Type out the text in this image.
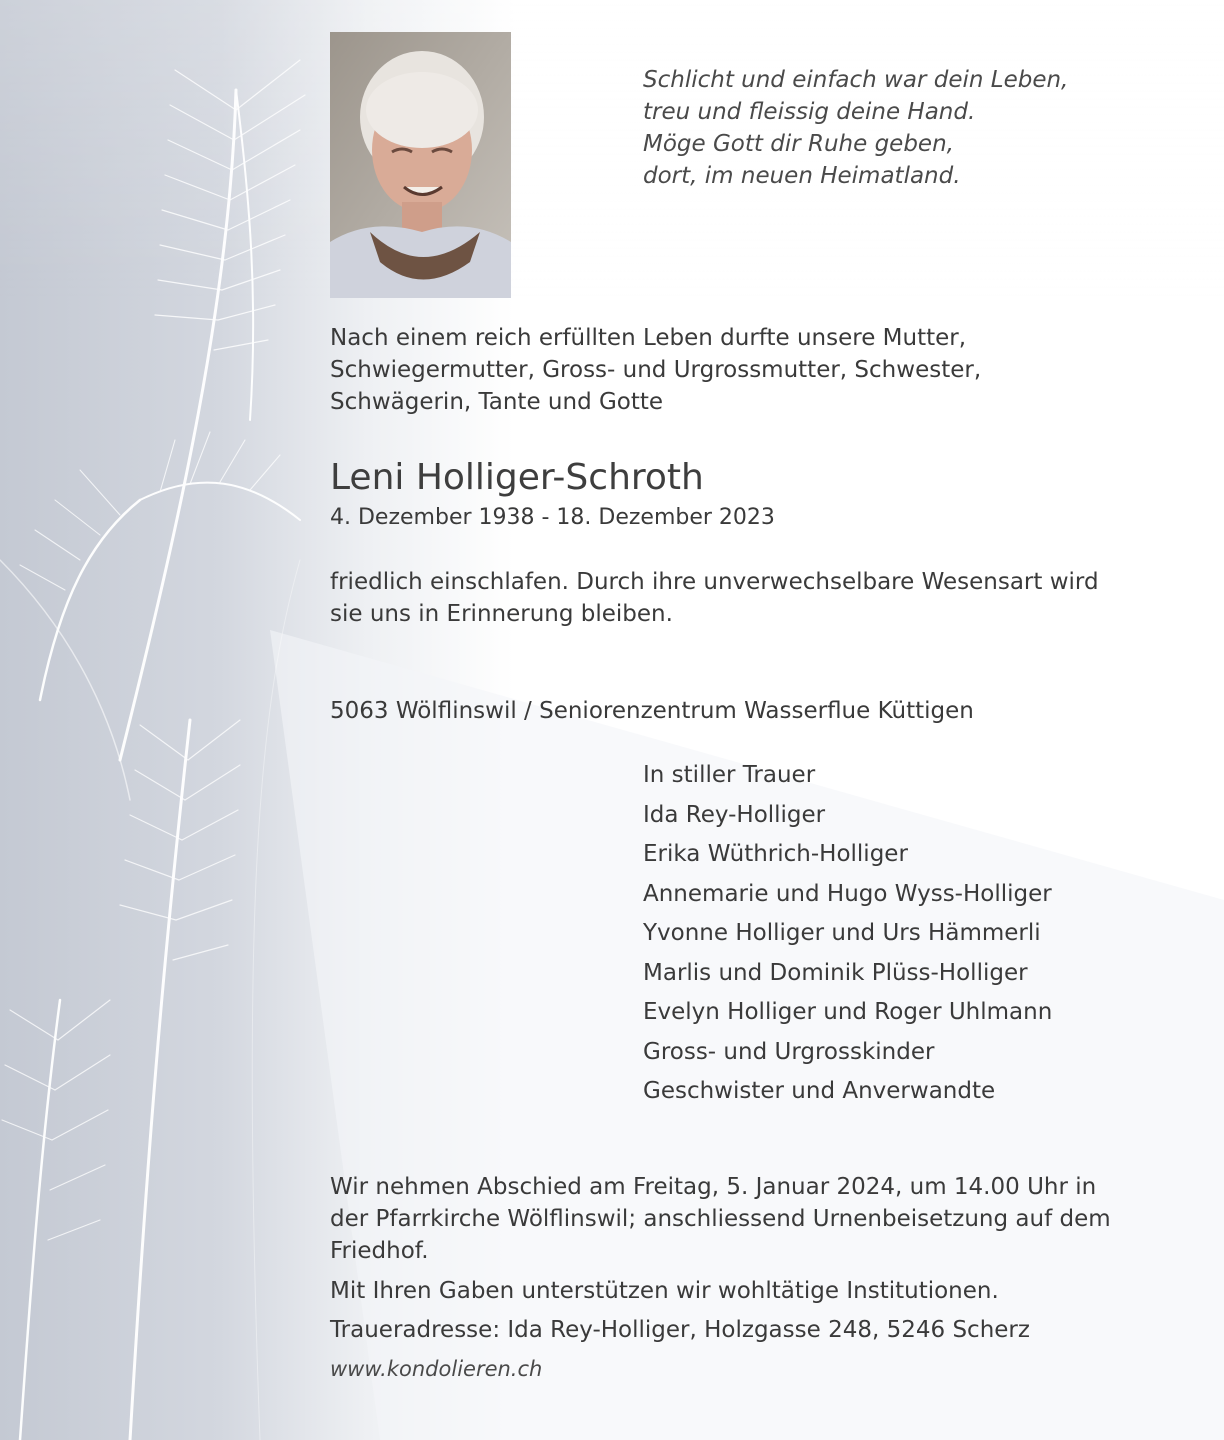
Schlicht und einfach war dein Leben,
treu und fleissig deine Hand.
Möge Gott dir Ruhe geben,
dort, im neuen Heimatland.
Nach einem reich erfüllten Leben durfte unsere Mutter,
Schwiegermutter, Gross- und Urgrossmutter, Schwester,
Schwägerin, Tante und Gotte
Leni Holliger-Schroth
4. Dezember 1938 - 18. Dezember 2023
friedlich einschlafen. Durch ihre unverwechselbare Wesensart wird
sie uns in Erinnerung bleiben.
5063 Wölflinswil / Seniorenzentrum Wasserflue Küttigen
In stiller Trauer
Ida Rey-Holliger
Erika Wüthrich-Holliger
Annemarie und Hugo Wyss-Holliger
Yvonne Holliger und Urs Hämmerli
Marlis und Dominik Plüss-Holliger
Evelyn Holliger und Roger Uhlmann
Gross- und Urgrosskinder
Geschwister und Anverwandte
Wir nehmen Abschied am Freitag, 5. Januar 2024, um 14.00 Uhr in
der Pfarrkirche Wölflinswil; anschliessend Urnenbeisetzung auf dem
Friedhof.
Mit Ihren Gaben unterstützen wir wohltätige Institutionen.
Traueradresse: Ida Rey-Holliger, Holzgasse 248, 5246 Scherz
www.kondolieren.ch
